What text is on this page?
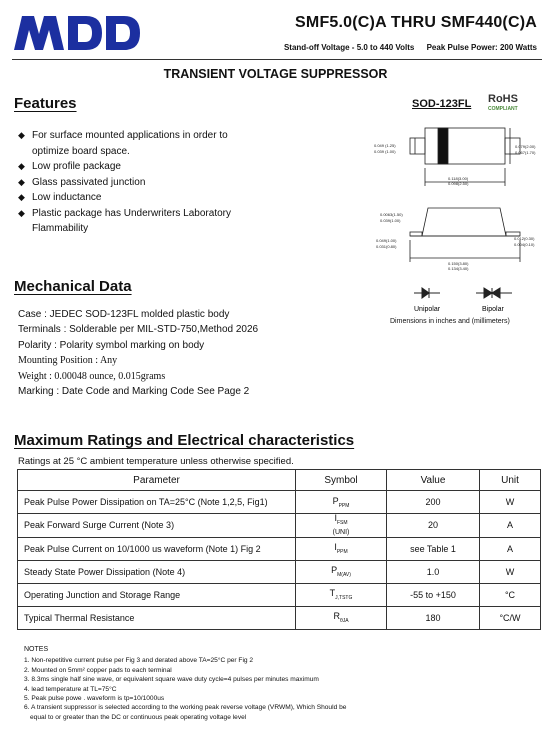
SMF5.0(C)A THRU SMF440(C)A
Stand-off Voltage - 5.0 to 440 Volts Peak Pulse Power: 200 Watts
TRANSIENT VOLTAGE SUPPRESSOR
Features
◆ For surface mounted applications in order to
optimize board space.
◆ Low profile package
◆ Glass passivated junction
◆ Low inductance
◆ Plastic package has Underwriters Laboratory
Flammability
SOD-123FL RoHS
COMPLIANT
0.049 (1.25)
0.039 (1.00)
0.079(2.00)
0.067(1.70)
0.118(3.00)
0.098(2.50)
0.0063(1.50)
0.039(1.00)
0.049(1.00)
0.031(0.80)
0.012(0.30)
0.004(0.10)
0.150(3.80)
0.134(3.40)
Unipolar	Bipolar
Dimensions in inches and (millimeters)
Mechanical Data
Case : JEDEC SOD-123FL molded plastic body
Terminals : Solderable per MIL-STD-750,Method 2026
Polarity : Polarity symbol marking on body
Mounting Position : Any
Weight : 0.00048 ounce, 0.015grams
Marking : Date Code and Marking Code See Page 2
Maximum Ratings and Electrical characteristics
Ratings at 25 °C ambient temperature unless otherwise specified.
Parameter	Symbol	Value	Unit
Peak Pulse Power Dissipation on TA=25°C (Note 1,2,5, Fig1)	$P_{PPM}$	200	W
Peak Forward Surge Current (Note 3)	$I_{FSM}$
(UNI)	20	A
Peak Pulse Current on 10/1000 us waveform (Note 1) Fig 2	$I_{PPM}$	see Table 1	A
Steady State Power Dissipation (Note 4)	$P_{M(AV)}$	1.0	W
Operating Junction and Storage Range	$T_{J,TSTG}$	-55 to +150	°C
Typical Thermal Resistance	$R_{\theta JA}$	180	°C/W
NOTES
1. Non-repetitive current pulse per Fig 3 and derated above TA=25°C per Fig 2
2. Mounted on 5mm² copper pads to each terminal
3. 8.3ms single half sine wave, or equivalent square wave duty cycle=4 pulses per minutes maximum
4. lead temperature at TL=75°C
5. Peak pulse powe . waveform is tp=10/1000us
6. A transient suppressor is selected according to the working peak reverse voltage (VRWM), Which Should be
equal to or greater than the DC or continuous peak operating voltage level
